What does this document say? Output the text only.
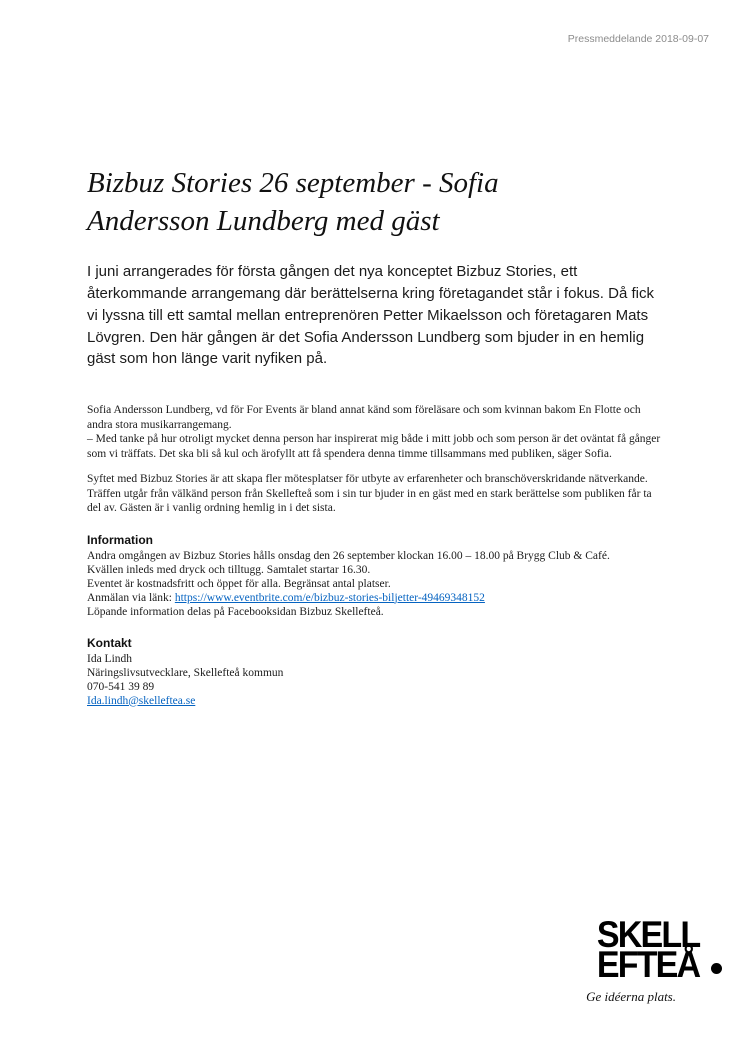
Pressmeddelande 2018-09-07
Bizbuz Stories 26 september - Sofia Andersson Lundberg med gäst

I juni arrangerades för första gången det nya konceptet Bizbuz Stories, ett återkommande arrangemang där berättelserna kring företagandet står i fokus. Då fick vi lyssna till ett samtal mellan entreprenören Petter Mikaelsson och företagaren Mats Lövgren. Den här gången är det Sofia Andersson Lundberg som bjuder in en hemlig gäst som hon länge varit nyfiken på.

Sofia Andersson Lundberg, vd för For Events är bland annat känd som föreläsare och som kvinnan bakom En Flotte och andra stora musikarrangemang.
– Med tanke på hur otroligt mycket denna person har inspirerat mig både i mitt jobb och som person är det oväntat få gånger som vi träffats. Det ska bli så kul och ärofyllt att få spendera denna timme tillsammans med publiken, säger Sofia.

Syftet med Bizbuz Stories är att skapa fler mötesplatser för utbyte av erfarenheter och branschöverskridande nätverkande. Träffen utgår från välkänd person från Skellefteå som i sin tur bjuder in en gäst med en stark berättelse som publiken får ta del av. Gästen är i vanlig ordning hemlig in i det sista.

Information
Andra omgången av Bizbuz Stories hålls onsdag den 26 september klockan 16.00 – 18.00 på Brygg Club & Café.
Kvällen inleds med dryck och tilltugg. Samtalet startar 16.30.
Eventet är kostnadsfritt och öppet för alla. Begränsat antal platser.
Anmälan via länk: https://www.eventbrite.com/e/bizbuz-stories-biljetter-49469348152
Löpande information delas på Facebooksidan Bizbuz Skellefteå.
Kontakt
Ida Lindh
Näringslivsutvecklare, Skellefteå kommun
070-541 39 89
Ida.lindh@skelleftea.se
SKELL
EFTEÅ
Ge idéerna plats.
